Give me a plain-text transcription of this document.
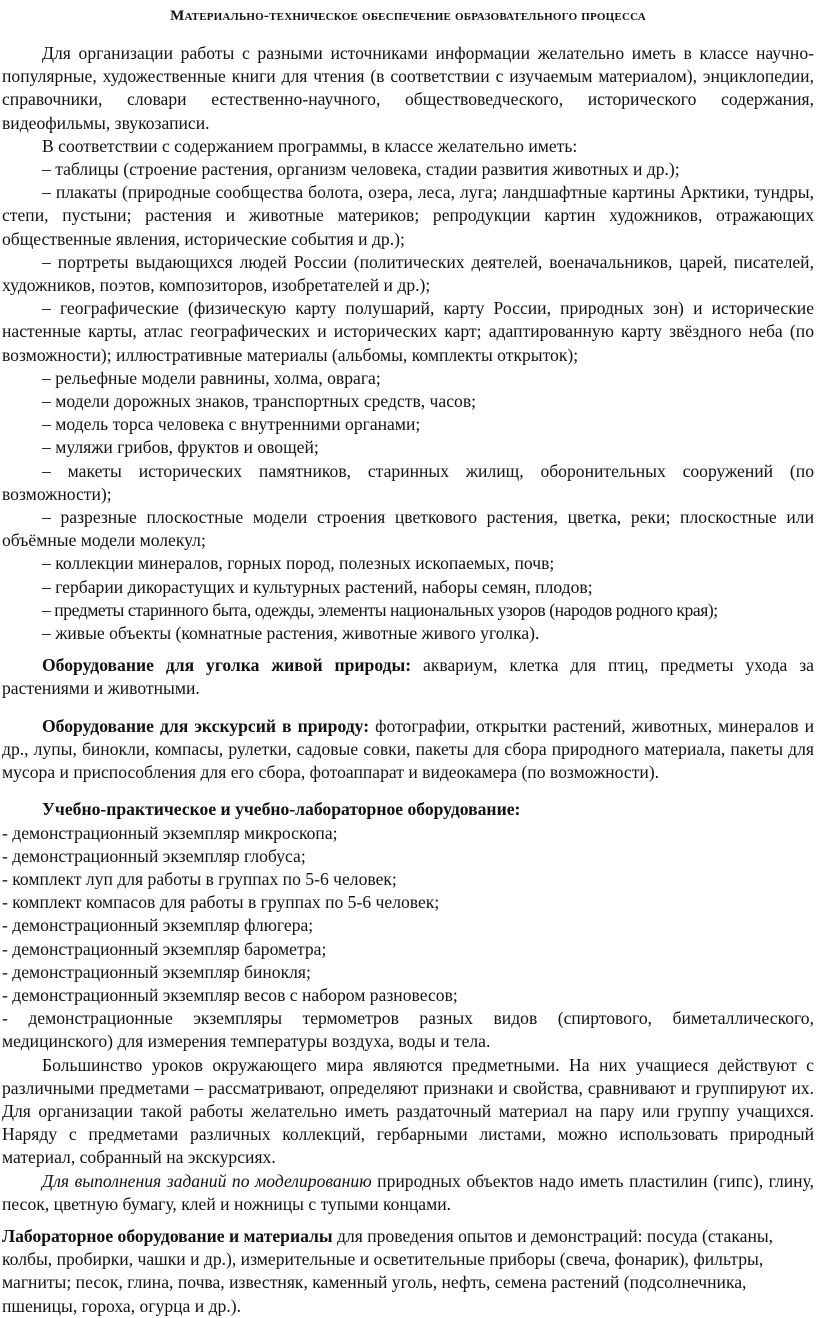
Материально-техническое обеспечение образовательного процесса

Для организации работы с разными источниками информации желательно иметь в классе научно-популярные, художественные книги для чтения (в соответствии с изучаемым материалом), энциклопедии, справочники, словари естественно-научного, обществоведческого, исторического содержания, видеофильмы, звукозаписи.

В соответствии с содержанием программы, в классе желательно иметь:

– таблицы (строение растения, организм человека, стадии развития животных и др.);

– плакаты (природные сообщества болота, озера, леса, луга; ландшафтные картины Арктики, тундры, степи, пустыни; растения и животные материков; репродукции картин художников, отражающих общественные явления, исторические события и др.);

– портреты выдающихся людей России (политических деятелей, военачальников, царей, писателей, художников, поэтов, композиторов, изобретателей и др.);

– географические (физическую карту полушарий, карту России, природных зон) и исторические настенные карты, атлас географических и исторических карт; адаптированную карту звёздного неба (по возможности); иллюстративные материалы (альбомы, комплекты открыток);

– рельефные модели равнины, холма, оврага;

– модели дорожных знаков, транспортных средств, часов;

– модель торса человека с внутренними органами;

– муляжи грибов, фруктов и овощей;

– макеты исторических памятников, старинных жилищ, оборонительных сооружений (по возможности);

– разрезные плоскостные модели строения цветкового растения, цветка, реки; плоскостные или объёмные модели молекул;

– коллекции минералов, горных пород, полезных ископаемых, почв;

– гербарии дикорастущих и культурных растений, наборы семян, плодов;

– предметы старинного быта, одежды, элементы национальных узоров (народов родного края);

– живые объекты (комнатные растения, животные живого уголка).

Оборудование для уголка живой природы: аквариум, клетка для птиц, предметы ухода за растениями и животными.

Оборудование для экскурсий в природу: фотографии, открытки растений, животных, минералов и др., лупы, бинокли, компасы, рулетки, садовые совки, пакеты для сбора природного материала, пакеты для мусора и приспособления для его сбора, фотоаппарат и видеокамера (по возможности).

Учебно-практическое и учебно-лабораторное оборудование:

- демонстрационный экземпляр микроскопа;

- демонстрационный экземпляр глобуса;

- комплект луп для работы в группах по 5-6 человек;

- комплект компасов для работы в группах по 5-6 человек;

- демонстрационный экземпляр флюгера;

- демонстрационный экземпляр барометра;

- демонстрационный экземпляр бинокля;

- демонстрационный экземпляр весов с набором разновесов;

- демонстрационные экземпляры термометров разных видов (спиртового, биметаллического, медицинского) для измерения температуры воздуха, воды и тела.

Большинство уроков окружающего мира являются предметными. На них учащиеся действуют с различными предметами – рассматривают, определяют признаки и свойства, сравнивают и группируют их. Для организации такой работы желательно иметь раздаточный материал на пару или группу учащихся. Наряду с предметами различных коллекций, гербарными листами, можно использовать природный материал, собранный на экскурсиях.

Для выполнения заданий по моделированию природных объектов надо иметь пластилин (гипс), глину, песок, цветную бумагу, клей и ножницы с тупыми концами.

Лабораторное оборудование и материалы для проведения опытов и демонстраций: посуда (стаканы, колбы, пробирки, чашки и др.), измерительные и осветительные приборы (свеча, фонарик), фильтры, магниты; песок, глина, почва, известняк, каменный уголь, нефть, семена растений (подсолнечника, пшеницы, гороха, огурца и др.).
